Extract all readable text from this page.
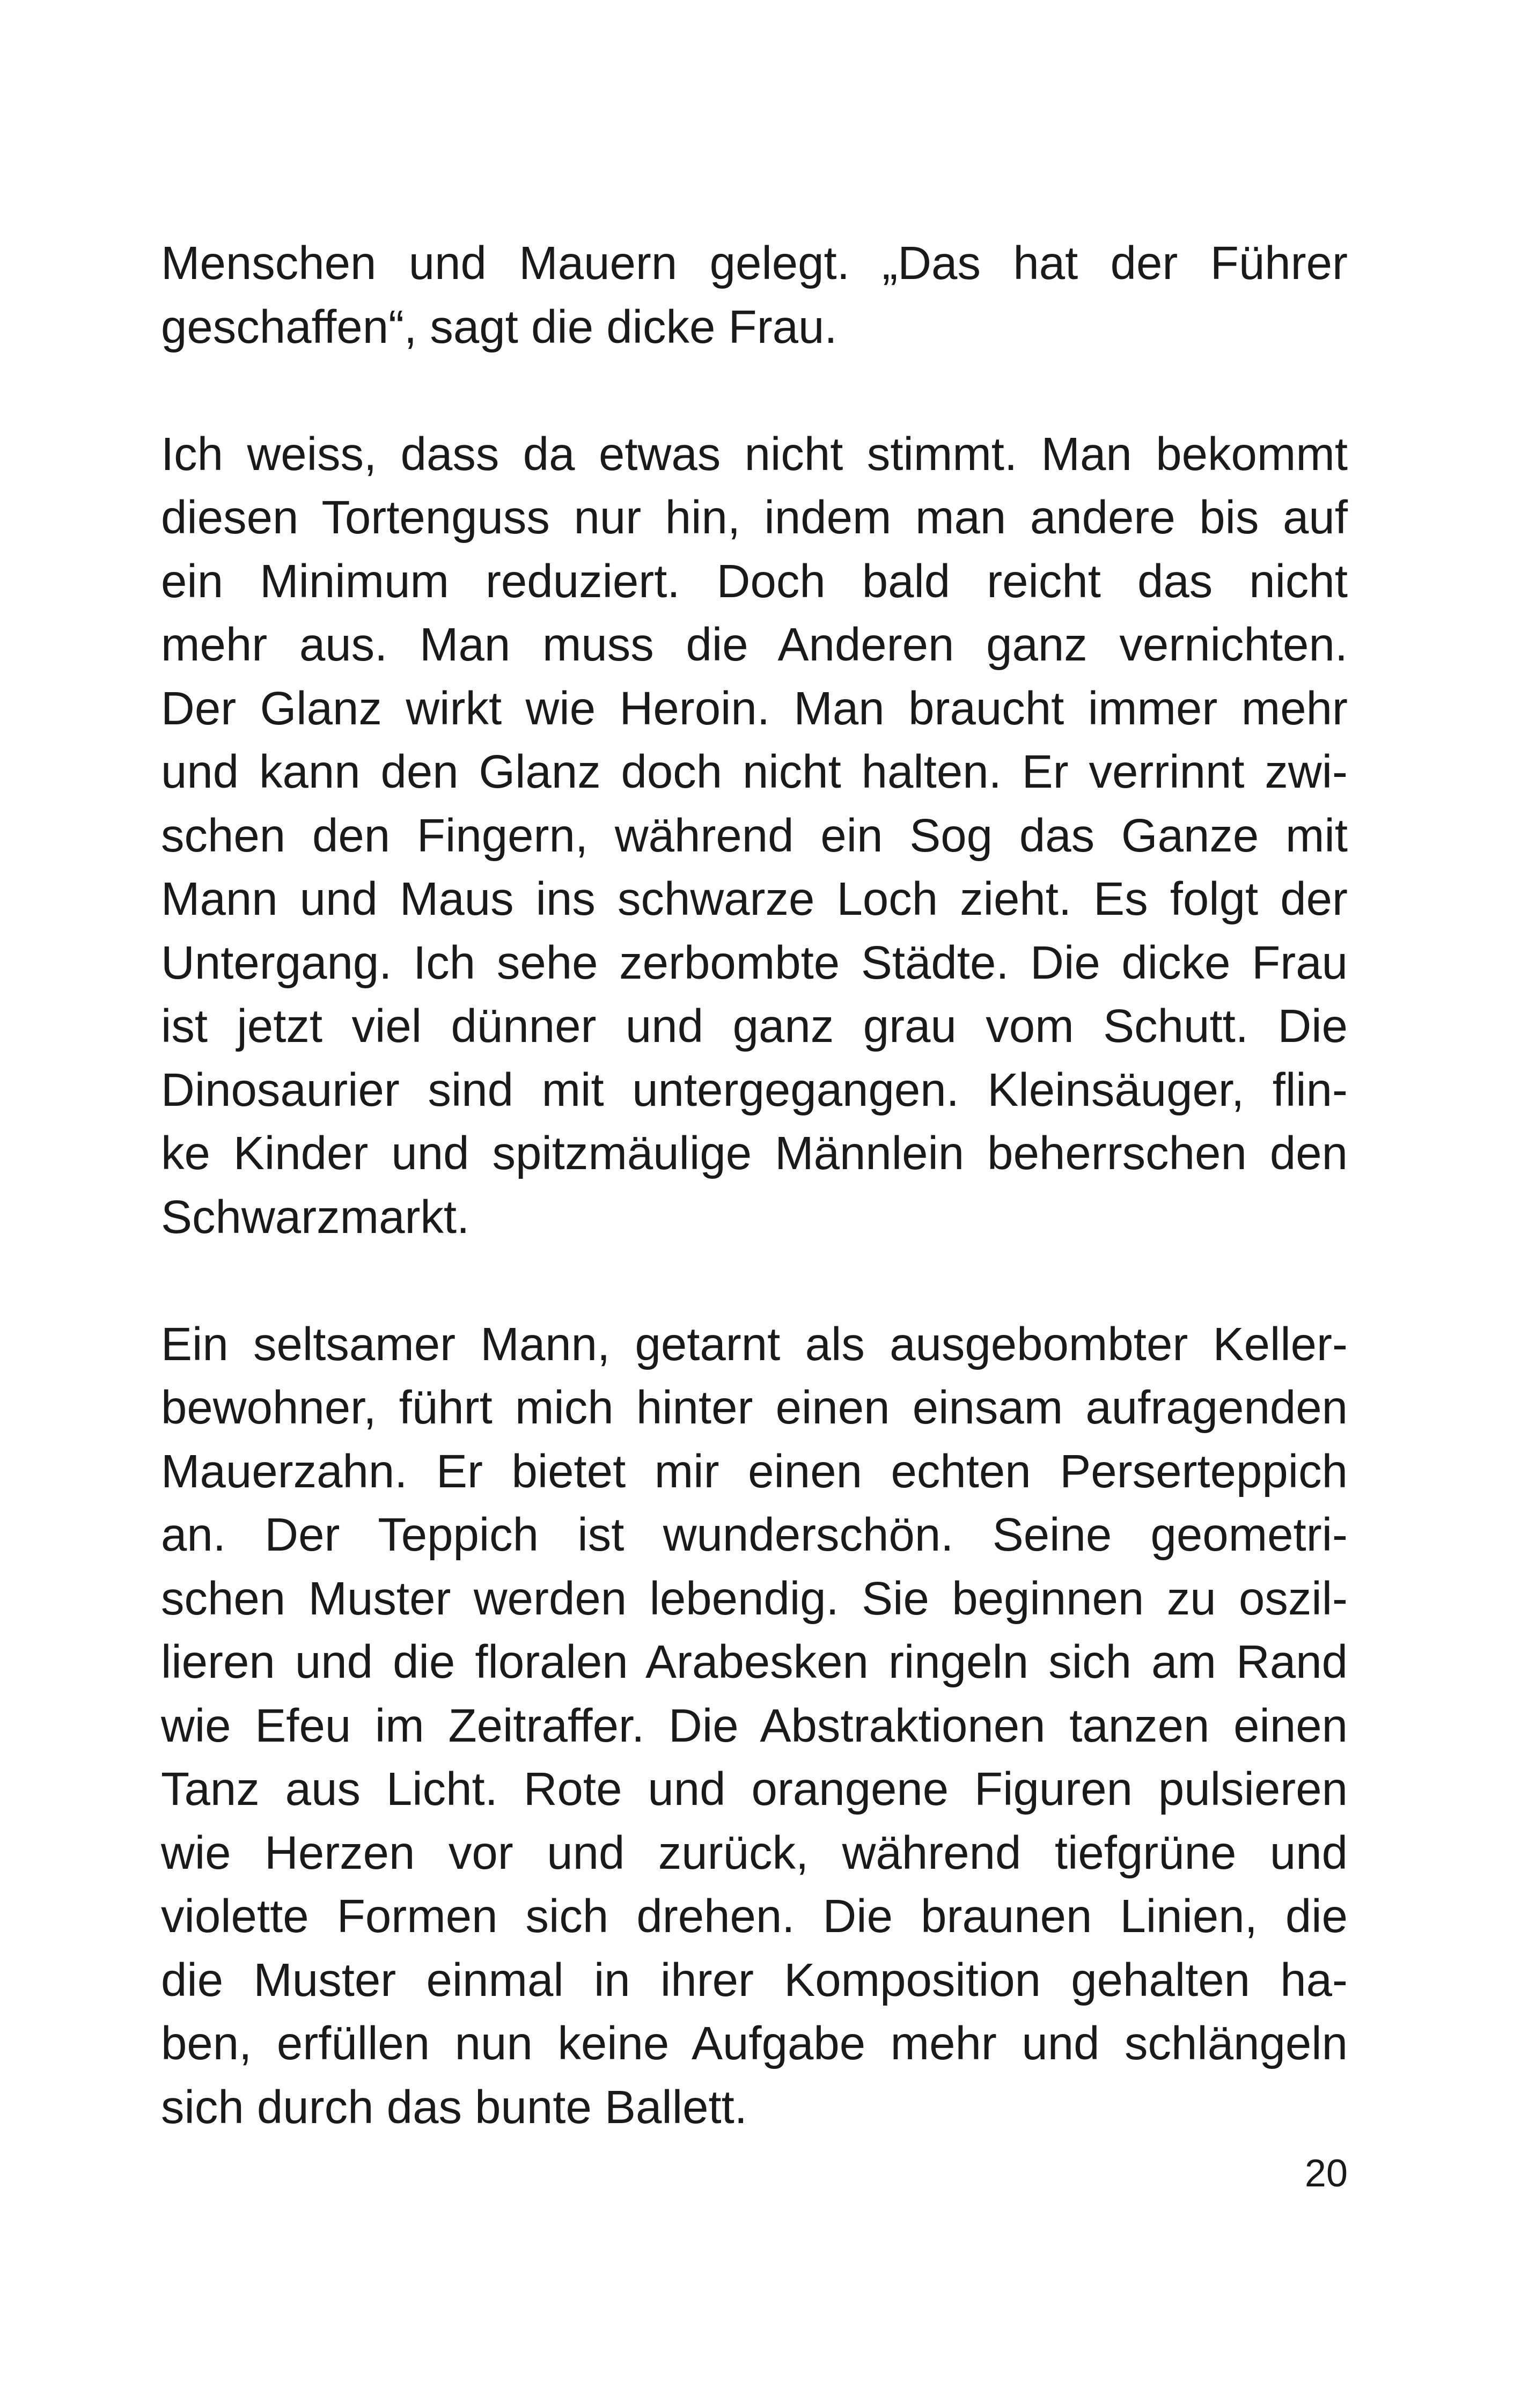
Menschen und Mauern gelegt. „Das hat der Führer
geschaffen“, sagt die dicke Frau.
Ich weiss, dass da etwas nicht stimmt. Man bekommt
diesen Tortenguss nur hin, indem man andere bis auf
ein Minimum reduziert. Doch bald reicht das nicht
mehr aus. Man muss die Anderen ganz vernichten.
Der Glanz wirkt wie Heroin. Man braucht immer mehr
und kann den Glanz doch nicht halten. Er verrinnt zwi-
schen den Fingern, während ein Sog das Ganze mit
Mann und Maus ins schwarze Loch zieht. Es folgt der
Untergang. Ich sehe zerbombte Städte. Die dicke Frau
ist jetzt viel dünner und ganz grau vom Schutt. Die
Dinosaurier sind mit untergegangen. Kleinsäuger, flin-
ke Kinder und spitzmäulige Männlein beherrschen den
Schwarzmarkt.
Ein seltsamer Mann, getarnt als ausgebombter Keller-
bewohner, führt mich hinter einen einsam aufragenden
Mauerzahn. Er bietet mir einen echten Perserteppich
an. Der Teppich ist wunderschön. Seine geometri-
schen Muster werden lebendig. Sie beginnen zu oszil-
lieren und die floralen Arabesken ringeln sich am Rand
wie Efeu im Zeitraffer. Die Abstraktionen tanzen einen
Tanz aus Licht. Rote und orangene Figuren pulsieren
wie Herzen vor und zurück, während tiefgrüne und
violette Formen sich drehen. Die braunen Linien, die
die Muster einmal in ihrer Komposition gehalten ha-
ben, erfüllen nun keine Aufgabe mehr und schlängeln
sich durch das bunte Ballett.
20
